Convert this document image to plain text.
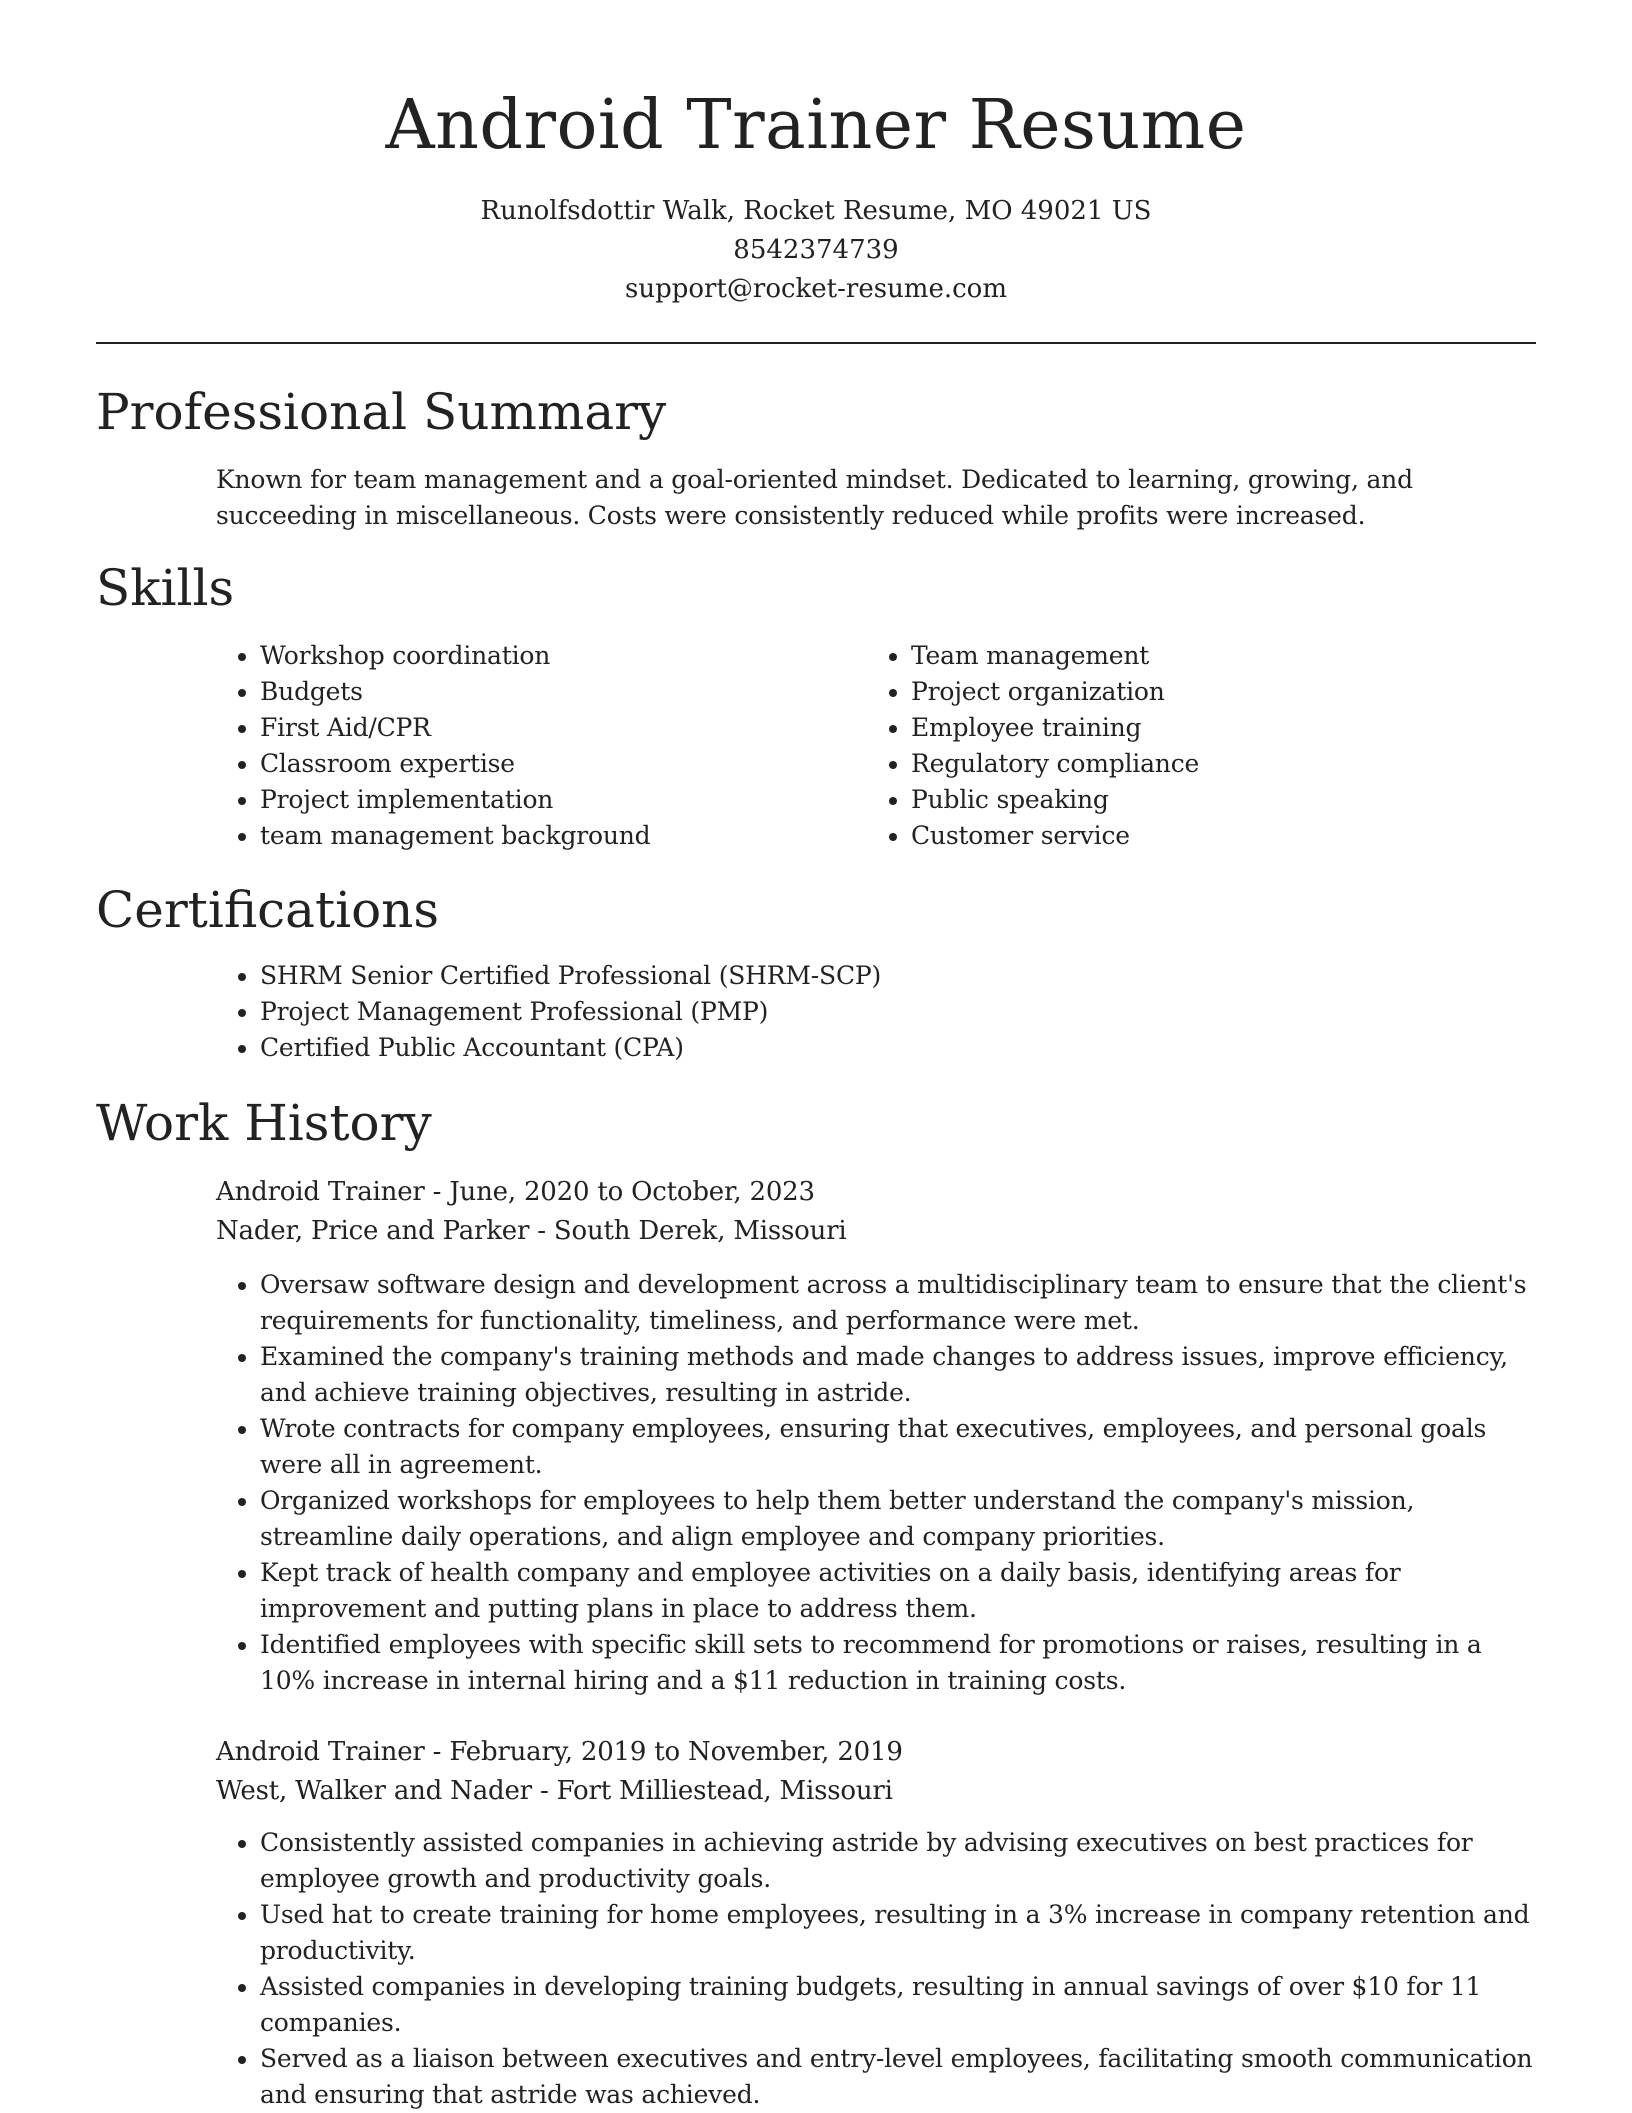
Android Trainer Resume
Runolfsdottir Walk, Rocket Resume, MO 49021 US
8542374739
support@rocket-resume.com
Professional Summary

Known for team management and a goal-oriented mindset. Dedicated to learning, growing, and succeeding in miscellaneous. Costs were consistently reduced while profits were increased.

Skills
• Workshop coordination
• Budgets
• First Aid/CPR
• Classroom expertise
• Project implementation
• team management background
• Team management
• Project organization
• Employee training
• Regulatory compliance
• Public speaking
• Customer service
Certifications
• SHRM Senior Certified Professional (SHRM-SCP)
• Project Management Professional (PMP)
• Certified Public Accountant (CPA)
Work History
Android Trainer - June, 2020 to October, 2023
Nader, Price and Parker - South Derek, Missouri
• Oversaw software design and development across a multidisciplinary team to ensure that the client's requirements for functionality, timeliness, and performance were met.
• Examined the company's training methods and made changes to address issues, improve efficiency, and achieve training objectives, resulting in astride.
• Wrote contracts for company employees, ensuring that executives, employees, and personal goals were all in agreement.
• Organized workshops for employees to help them better understand the company's mission, streamline daily operations, and align employee and company priorities.
• Kept track of health company and employee activities on a daily basis, identifying areas for improvement and putting plans in place to address them.
• Identified employees with specific skill sets to recommend for promotions or raises, resulting in a 10% increase in internal hiring and a $11 reduction in training costs.
Android Trainer - February, 2019 to November, 2019
West, Walker and Nader - Fort Milliestead, Missouri
• Consistently assisted companies in achieving astride by advising executives on best practices for employee growth and productivity goals.
• Used hat to create training for home employees, resulting in a 3% increase in company retention and productivity.
• Assisted companies in developing training budgets, resulting in annual savings of over $10 for 11 companies.
• Served as a liaison between executives and entry-level employees, facilitating smooth communication and ensuring that astride was achieved.
